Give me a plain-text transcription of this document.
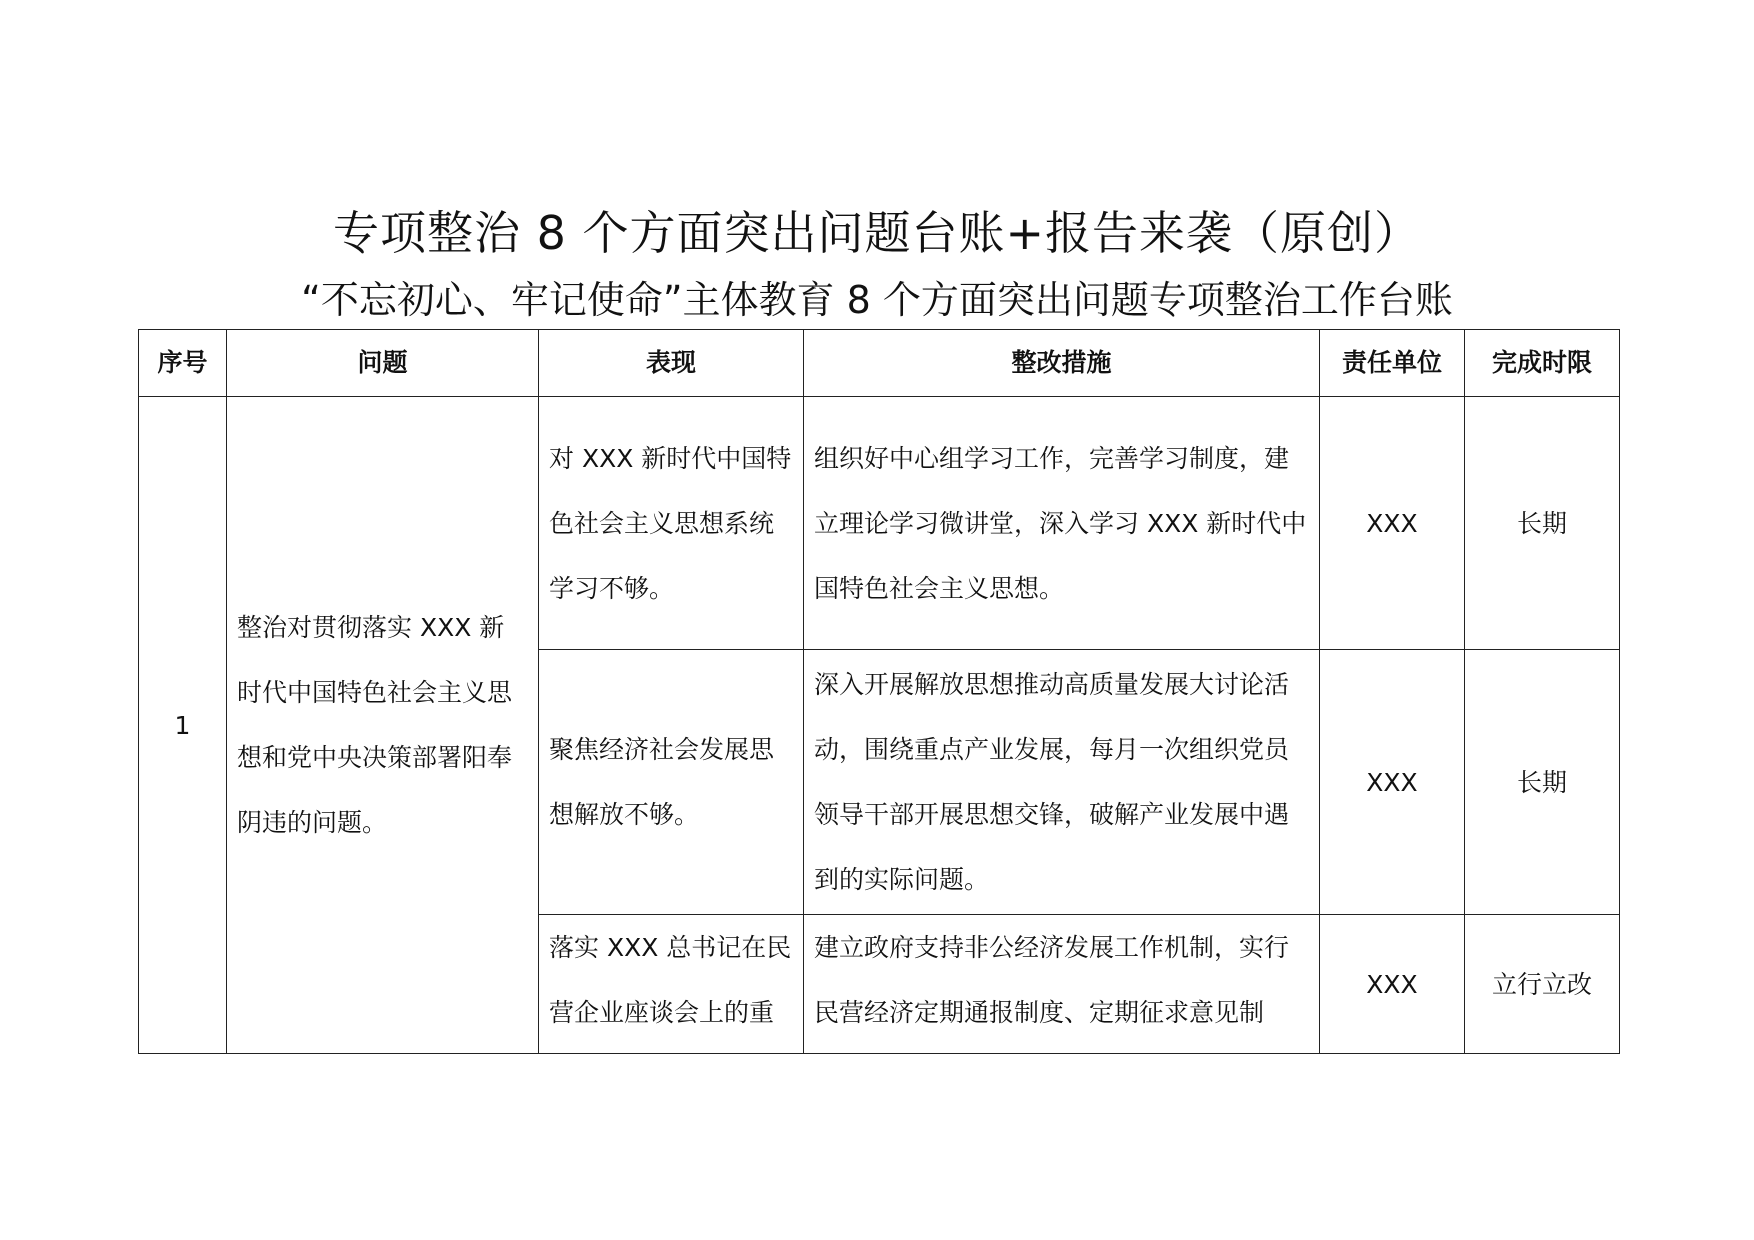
专项整治 8 个方面突出问题台账+报告来袭（原创）
“不忘初心、牢记使命”主体教育 8 个方面突出问题专项整治工作台账
序号	问题	表现	整改措施	责任单位	完成时限
1	整治对贯彻落实 XXX 新时代中国特色社会主义思想和党中央决策部署阳奉阴违的问题。	对 XXX 新时代中国特色社会主义思想系统学习不够。	组织好中心组学习工作，完善学习制度，建立理论学习微讲堂，深入学习 XXX 新时代中国特色社会主义思想。	XXX	长期
		聚焦经济社会发展思想解放不够。	深入开展解放思想推动高质量发展大讨论活动，围绕重点产业发展，每月一次组织党员领导干部开展思想交锋，破解产业发展中遇到的实际问题。	XXX	长期

		落实 XXX 总书记在民营企业座谈会上的重	建立政府支持非公经济发展工作机制，实行民营经济定期通报制度、定期征求意见制	XXX	立行立改
